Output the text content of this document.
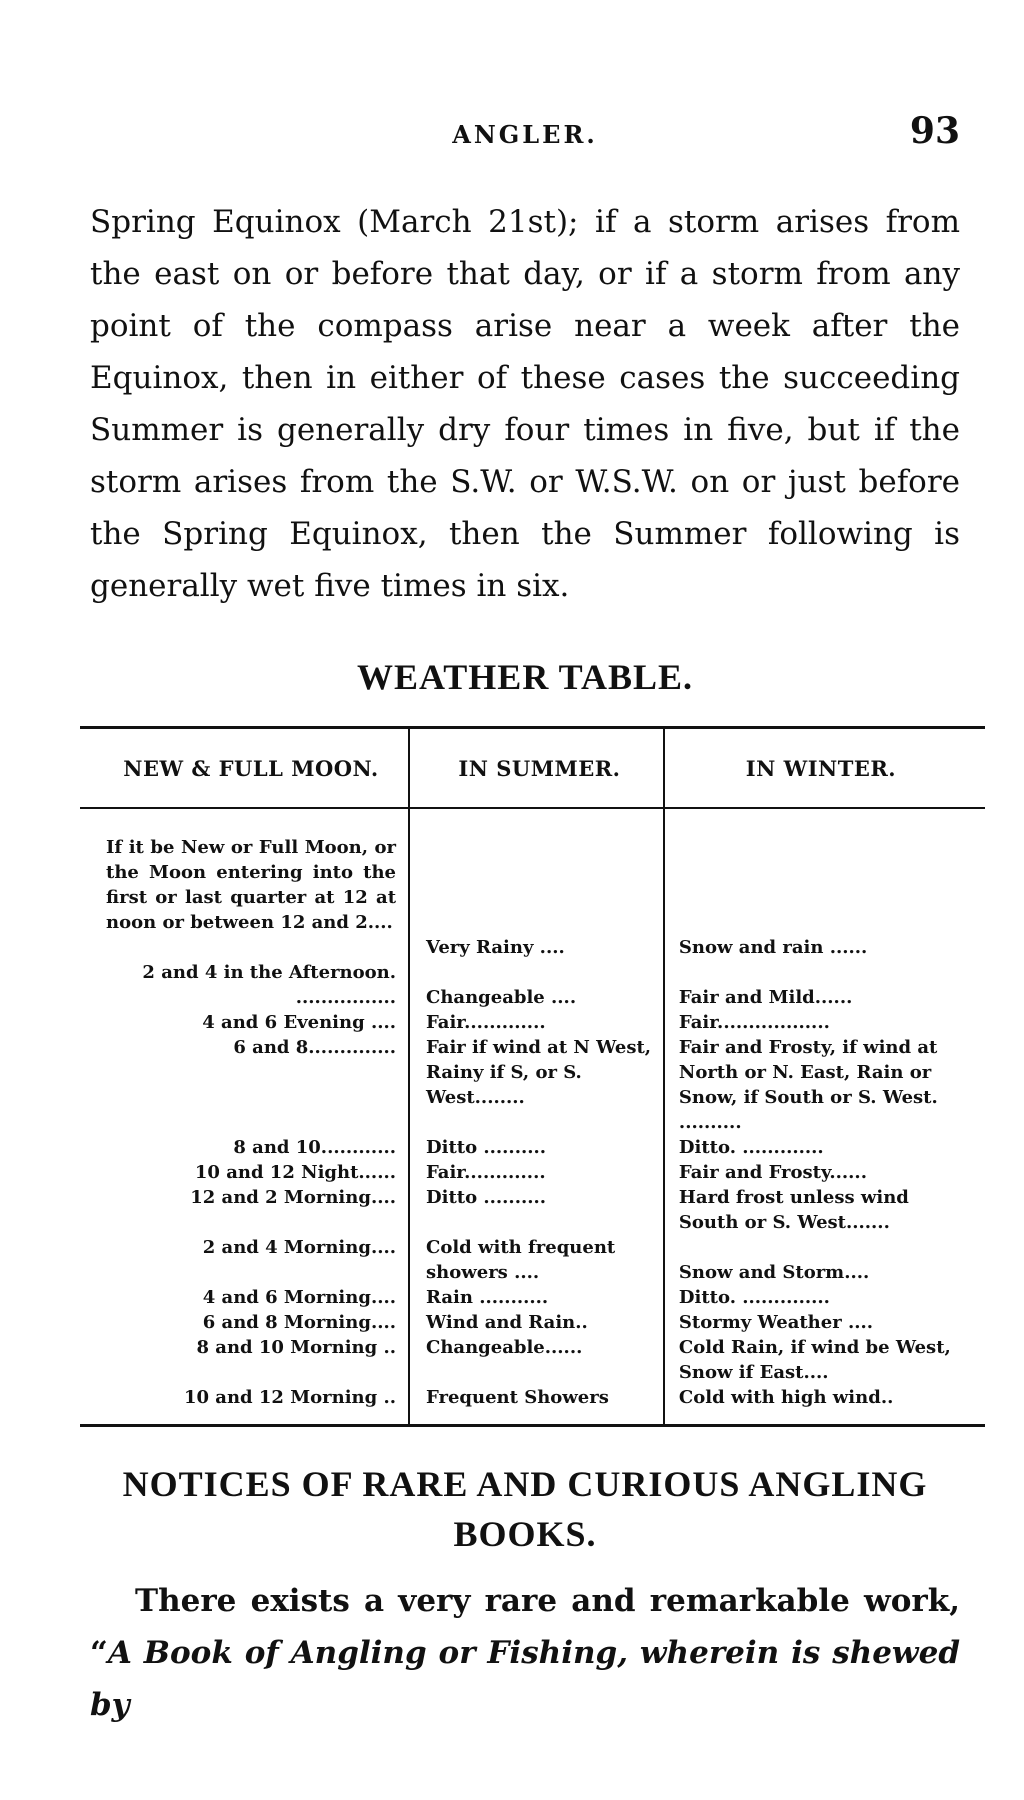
ANGLER.	93

Spring Equinox (March 21st); if a storm arises from the east on or before that day, or if a storm from any point of the compass arise near a week after the Equinox, then in either of these cases the succeeding Summer is generally dry four times in five, but if the storm arises from the S.W. or W.S.W. on or just before the Spring Equinox, then the Summer following is generally wet five times in six.

WEATHER TABLE.
NEW & FULL MOON.	IN SUMMER.	IN WINTER.

If it be New or Full Moon, or the Moon entering into the first or last quarter at 12 at noon or between 12 and 2....	Very Rainy ....	Snow and rain ......

2 and 4 in the Afternoon. ................	Changeable ....	Fair and Mild......

4 and 6 Evening ....	Fair.............	Fair..................

6 and 8..............	Fair if wind at N West, Rainy if S, or S. West........	Fair and Frosty, if wind at North or N. East, Rain or Snow, if South or S. West. ..........

8 and 10............	Ditto ..........	Ditto. .............

10 and 12 Night......	Fair.............	Fair and Frosty......

12 and 2 Morning....	Ditto ..........	Hard frost unless wind South or S. West.......

2 and 4 Morning....	Cold with frequent showers ....	Snow and Storm....

4 and 6 Morning....	Rain ...........	Ditto. ..............

6 and 8 Morning....	Wind and Rain..	Stormy Weather ....

8 and 10 Morning ..	Changeable......	Cold Rain, if wind be West, Snow if East....

10 and 12 Morning ..	Frequent Showers	Cold with high wind..
NOTICES OF RARE AND CURIOUS ANGLING BOOKS.

There exists a very rare and remarkable work, “A Book of Angling or Fishing, wherein is shewed by
